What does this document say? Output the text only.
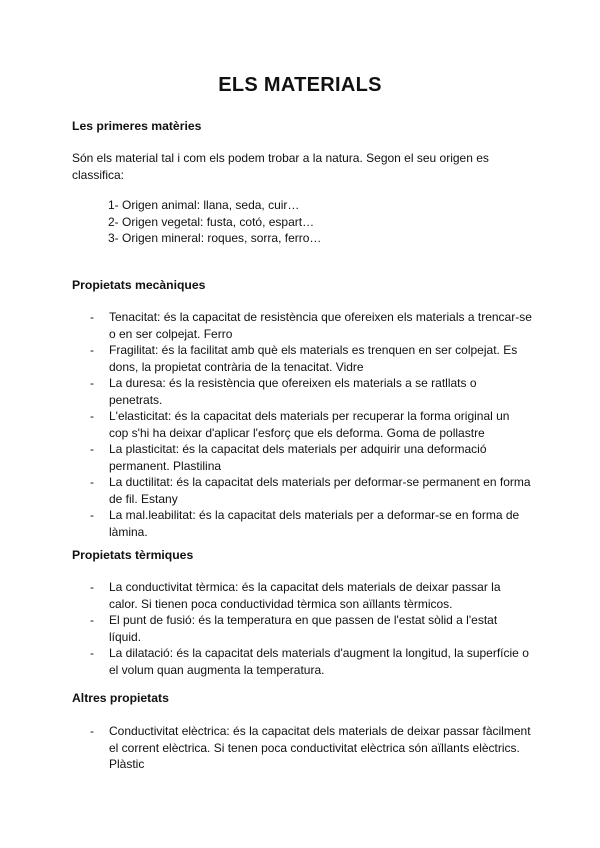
ELS MATERIALS
Les primeres matèries

Són els material tal i com els podem trobar a la natura. Segon el seu origen es classifica:

1- Origen animal: llana, seda, cuir…
2- Origen vegetal: fusta, cotó, espart…
3- Origen mineral: roques, sorra, ferro…
Propietats mecàniques
-	Tenacitat: és la capacitat de resistència que ofereixen els materials a trencar-se o en ser colpejat. Ferro
-	Fragilitat: és la facilitat amb què els materials es trenquen en ser colpejat. Es dons, la propietat contrària de la tenacitat. Vidre
-	La duresa: és la resistència que ofereixen els materials a se ratllats o penetrats.
-	L'elasticitat: és la capacitat dels materials per recuperar la forma original un cop s'hi ha deixar d'aplicar l'esforç que els deforma. Goma de pollastre
-	La plasticitat: és la capacitat dels materials per adquirir una deformació permanent. Plastilina
-	La ductilitat: és la capacitat dels materials per deformar-se permanent en forma de fil. Estany
-	La mal.leabilitat: és la capacitat dels materials per a deformar-se en forma de làmina.
Propietats tèrmiques
-	La conductivitat tèrmica: és la capacitat dels materials de deixar passar la calor. Si tienen poca conductividad tèrmica son aïllants tèrmicos.
-	El punt de fusió: és la temperatura en que passen de l'estat sòlid a l'estat líquid.
-	La dilatació: és la capacitat dels materials d'augment la longitud, la superfície o el volum quan augmenta la temperatura.
Altres propietats
-	Conductivitat elèctrica: és la capacitat dels materials de deixar passar fàcilment el corrent elèctrica. Si tenen poca conductivitat elèctrica són aïllants elèctrics. Plàstic
